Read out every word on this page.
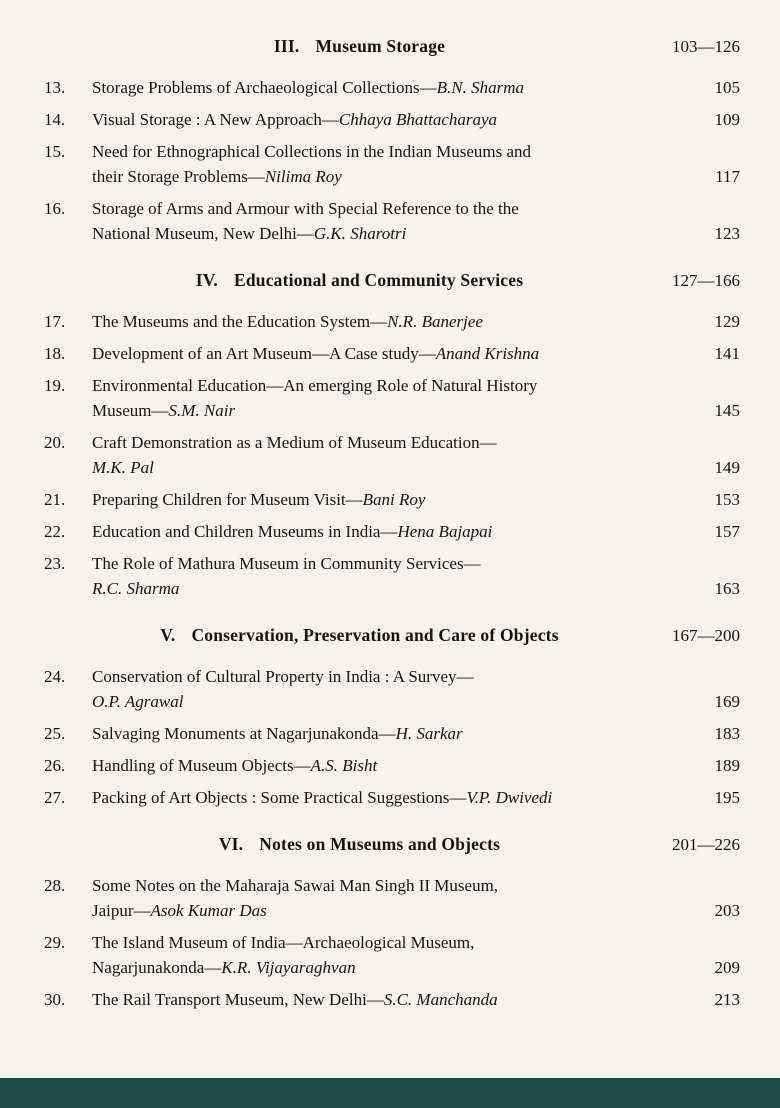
III. Museum Storage	103—126
13.	Storage Problems of Archaeological Collections—B.N. Sharma	105
14.	Visual Storage : A New Approach—Chhaya Bhattacharaya	109
15.	Need for Ethnographical Collections in the Indian Museums and
their Storage Problems—Nilima Roy	117
16.	Storage of Arms and Armour with Special Reference to the the
National Museum, New Delhi—G.K. Sharotri	123
IV. Educational and Community Services	127—166
17.	The Museums and the Education System—N.R. Banerjee	129
18.	Development of an Art Museum—A Case study—Anand Krishna	141
19.	Environmental Education—An emerging Role of Natural History
Museum—S.M. Nair	145
20.	Craft Demonstration as a Medium of Museum Education—
M.K. Pal	149
21.	Preparing Children for Museum Visit—Bani Roy	153
22.	Education and Children Museums in India—Hena Bajapai	157
23.	The Role of Mathura Museum in Community Services—
R.C. Sharma	163
V. Conservation, Preservation and Care of Objects	167—200
24.	Conservation of Cultural Property in India : A Survey—
O.P. Agrawal	169
25.	Salvaging Monuments at Nagarjunakonda—H. Sarkar	183
26.	Handling of Museum Objects—A.S. Bisht	189
27.	Packing of Art Objects : Some Practical Suggestions—V.P. Dwivedi	195
VI. Notes on Museums and Objects	201—226
28.	Some Notes on the Maharaja Sawai Man Singh II Museum,
Jaipur—Asok Kumar Das	203
29.	The Island Museum of India—Archaeological Museum,
Nagarjunakonda—K.R. Vijayaraghvan	209
30.	The Rail Transport Museum, New Delhi—S.C. Manchanda	213
